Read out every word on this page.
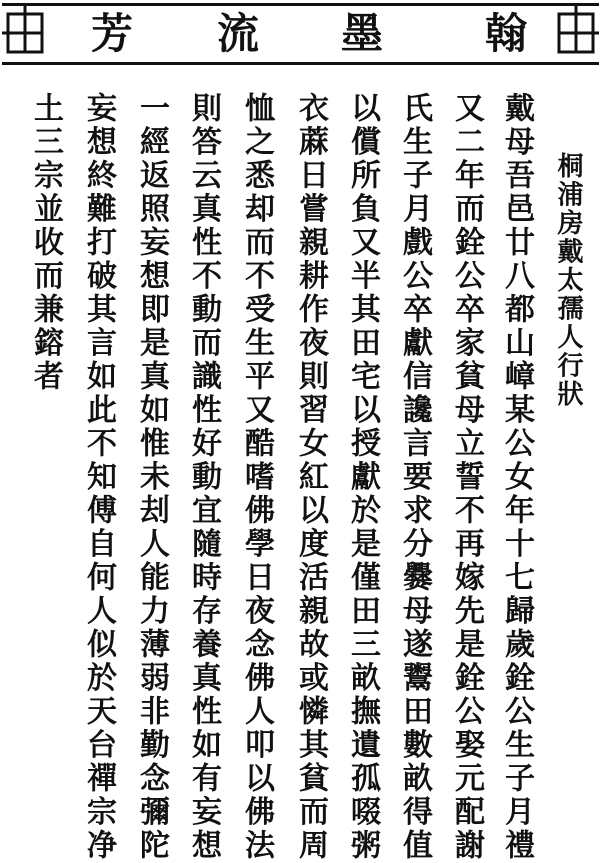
芳 流 墨 翰
桐浦房戴太孺人行狀
戴母吾邑廿八都山嶂某公女年十七歸歲銓公生子月禮
又二年而銓公卒家貧母立誓不再嫁先是銓公娶元配謝
氏生子月戲公卒獻信讒言要求分爨母遂鬻田數畝得值
以償所負又半其田宅以授獻於是僅田三畝撫遺孤啜粥
衣蔴日嘗親耕作夜則習女紅以度活親故或憐其貧而周
恤之悉却而不受生平又酷嗜佛學日夜念佛人叩以佛法
則答云真性不動而識性好動宜隨時存養真性如有妄想
一經返照妄想即是真如惟未刦人能力薄弱非勤念彌陀
妄想終難打破其言如此不知傅自何人似於天台禪宗净
土三宗並收而兼鎔者
